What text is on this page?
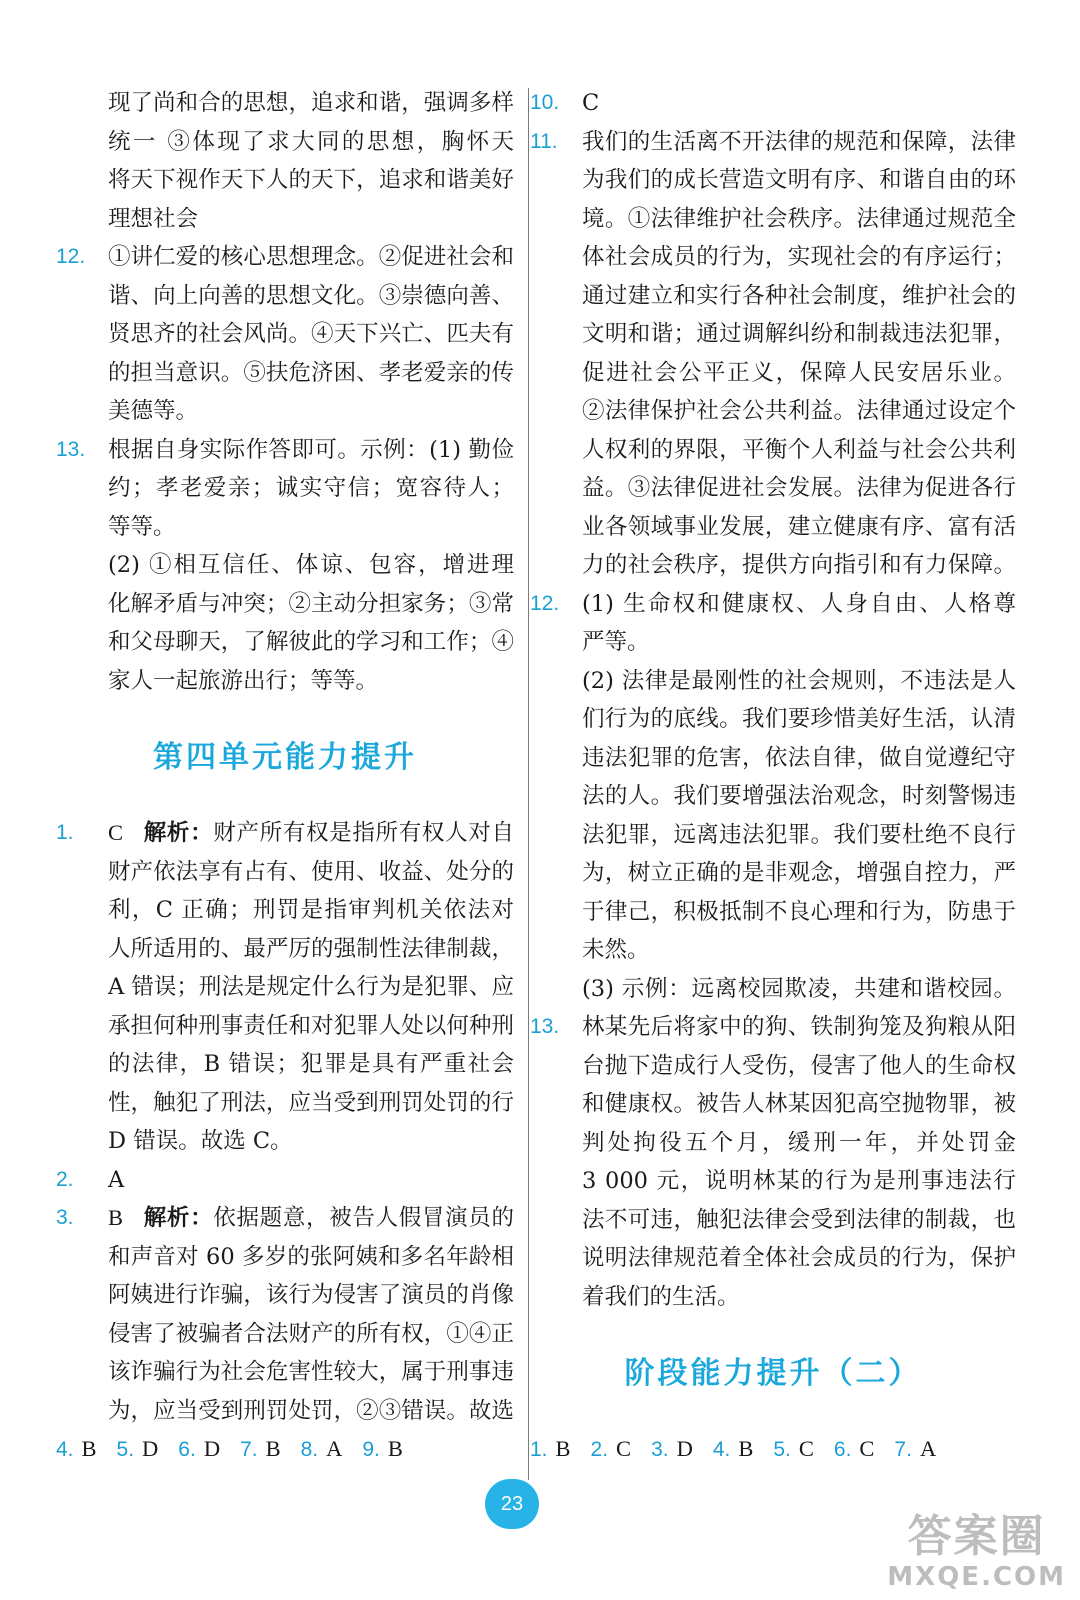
现了尚和合的思想，追求和谐，强调多样
统一 ③体现了求大同的思想，胸怀天
将天下视作天下人的天下，追求和谐美好
理想社会
12. ①讲仁爱的核心思想理念。②促进社会和
谐、向上向善的思想文化。③崇德向善、
贤思齐的社会风尚。④天下兴亡、匹夫有
的担当意识。⑤扶危济困、孝老爱亲的传
美德等。
13. 根据自身实际作答即可。示例：(1) 勤俭
约；孝老爱亲；诚实守信；宽容待人；
等等。
(2) ①相互信任、体谅、包容，增进理
化解矛盾与冲突；②主动分担家务；③常
和父母聊天，了解彼此的学习和工作；④
家人一起旅游出行；等等。
第四单元能力提升
1. C 解析：财产所有权是指所有权人对自
财产依法享有占有、使用、收益、处分的
利，C 正确；刑罚是指审判机关依法对
人所适用的、最严厉的强制性法律制裁，
A 错误；刑法是规定什么行为是犯罪、应
承担何种刑事责任和对犯罪人处以何种刑
的法律，B 错误；犯罪是具有严重社会
性，触犯了刑法，应当受到刑罚处罚的行
D 错误。故选 C。
2. A
3. B 解析：依据题意，被告人假冒演员的
和声音对 60 多岁的张阿姨和多名年龄相
阿姨进行诈骗，该行为侵害了演员的肖像
侵害了被骗者合法财产的所有权，①④正
该诈骗行为社会危害性较大，属于刑事违
为，应当受到刑罚处罚，②③错误。故选
4. B 5. D 6. D 7. B 8. A 9. B
10. C
11. 我们的生活离不开法律的规范和保障，法律
为我们的成长营造文明有序、和谐自由的环
境。①法律维护社会秩序。法律通过规范全
体社会成员的行为，实现社会的有序运行；
通过建立和实行各种社会制度，维护社会的
文明和谐；通过调解纠纷和制裁违法犯罪，
促进社会公平正义，保障人民安居乐业。
②法律保护社会公共利益。法律通过设定个
人权利的界限，平衡个人利益与社会公共利
益。③法律促进社会发展。法律为促进各行
业各领域事业发展，建立健康有序、富有活
力的社会秩序，提供方向指引和有力保障。
12. (1) 生命权和健康权、人身自由、人格尊
严等。
(2) 法律是最刚性的社会规则，不违法是人
们行为的底线。我们要珍惜美好生活，认清
违法犯罪的危害，依法自律，做自觉遵纪守
法的人。我们要增强法治观念，时刻警惕违
法犯罪，远离违法犯罪。我们要杜绝不良行
为，树立正确的是非观念，增强自控力，严
于律己，积极抵制不良心理和行为，防患于
未然。
(3) 示例：远离校园欺凌，共建和谐校园。
13. 林某先后将家中的狗、铁制狗笼及狗粮从阳
台抛下造成行人受伤，侵害了他人的生命权
和健康权。被告人林某因犯高空抛物罪，被
判处拘役五个月，缓刑一年，并处罚金
3 000 元，说明林某的行为是刑事违法行
法不可违，触犯法律会受到法律的制裁，也
说明法律规范着全体社会成员的行为，保护
着我们的生活。
阶段能力提升（二）
1. B 2. C 3. D 4. B 5. C 6. C 7. A
23
答案圈
MXQE.COM
